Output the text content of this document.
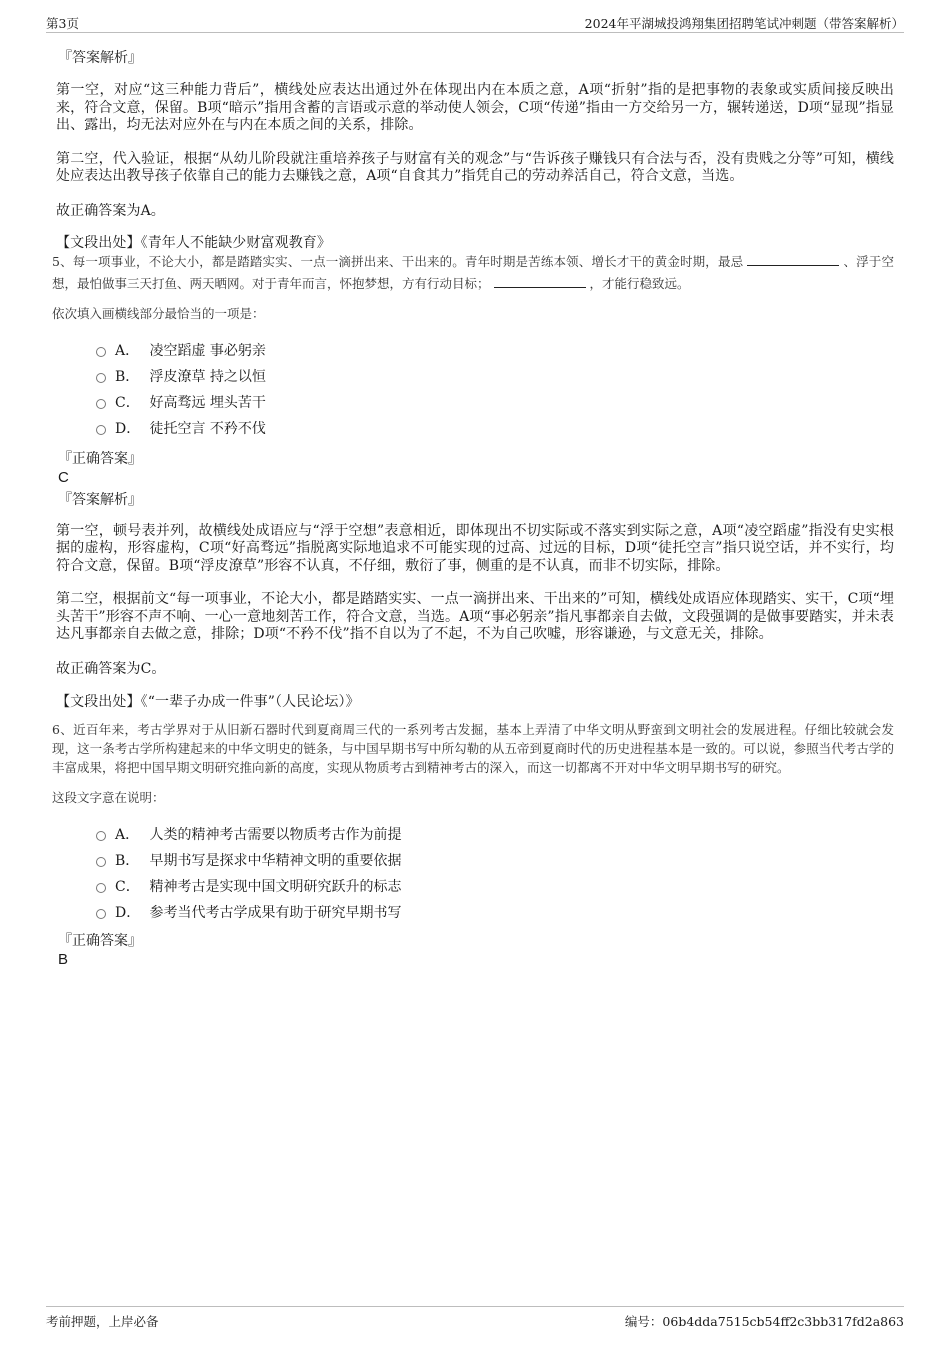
第3页	2024年平湖城投鸿翔集团招聘笔试冲刺题（带答案解析）
『答案解析』

第一空，对应“这三种能力背后”，横线处应表达出通过外在体现出内在本质之意，A项“折射”指的是把事物的表象或实质间接反映出来，符合文意，保留。B项“暗示”指用含蓄的言语或示意的举动使人领会，C项“传递”指由一方交给另一方，辗转递送，D项“显现”指显出、露出，均无法对应外在与内在本质之间的关系，排除。

第二空，代入验证，根据“从幼儿阶段就注重培养孩子与财富有关的观念”与“告诉孩子赚钱只有合法与否，没有贵贱之分等”可知，横线处应表达出教导孩子依靠自己的能力去赚钱之意，A项“自食其力”指凭自己的劳动养活自己，符合文意，当选。

故正确答案为A。

【文段出处】《青年人不能缺少财富观教育》

5、每一项事业，不论大小，都是踏踏实实、一点一滴拼出来、干出来的。青年时期是苦练本领、增长才干的黄金时期，最忌	、浮于空想，最怕做事三天打鱼、两天晒网。对于青年而言，怀抱梦想，方有行动目标；	，才能行稳致远。

依次填入画横线部分最恰当的一项是：

A． 凌空蹈虚 事必躬亲
B． 浮皮潦草 持之以恒
C． 好高骛远 埋头苦干
D． 徒托空言 不矜不伐
『正确答案』
C
『答案解析』

第一空，顿号表并列，故横线处成语应与“浮于空想”表意相近，即体现出不切实际或不落实到实际之意，A项“凌空蹈虚”指没有史实根据的虚构，形容虚构，C项“好高骛远”指脱离实际地追求不可能实现的过高、过远的目标，D项“徒托空言”指只说空话，并不实行，均符合文意，保留。B项“浮皮潦草”形容不认真，不仔细，敷衍了事，侧重的是不认真，而非不切实际，排除。

第二空，根据前文“每一项事业，不论大小，都是踏踏实实、一点一滴拼出来、干出来的”可知，横线处成语应体现踏实、实干，C项“埋头苦干”形容不声不响、一心一意地刻苦工作，符合文意，当选。A项“事必躬亲”指凡事都亲自去做，文段强调的是做事要踏实，并未表达凡事都亲自去做之意，排除；D项“不矜不伐”指不自以为了不起，不为自己吹嘘，形容谦逊，与文意无关，排除。

故正确答案为C。

【文段出处】《“一辈子办成一件事”（人民论坛）》

6、近百年来，考古学界对于从旧新石器时代到夏商周三代的一系列考古发掘，基本上弄清了中华文明从野蛮到文明社会的发展进程。仔细比较就会发现，这一条考古学所构建起来的中华文明史的链条，与中国早期书写中所勾勒的从五帝到夏商时代的历史进程基本是一致的。可以说，参照当代考古学的丰富成果，将把中国早期文明研究推向新的高度，实现从物质考古到精神考古的深入，而这一切都离不开对中华文明早期书写的研究。

这段文字意在说明：

A． 人类的精神考古需要以物质考古作为前提
B． 早期书写是探求中华精神文明的重要依据
C． 精神考古是实现中国文明研究跃升的标志
D． 参考当代考古学成果有助于研究早期书写
『正确答案』
B
考前押题，上岸必备	编号：06b4dda7515cb54ff2c3bb317fd2a863
